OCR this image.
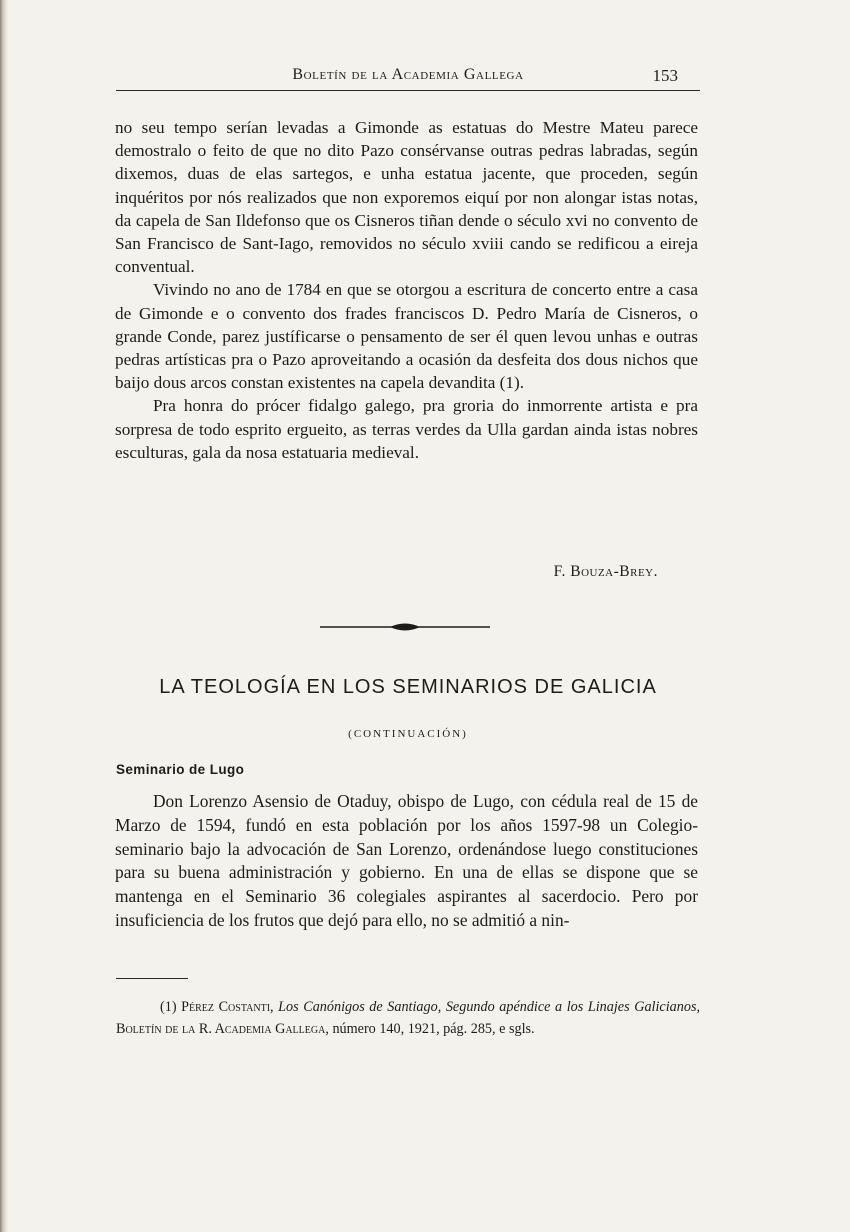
Boletín de la Academia Gallega	153

no seu tempo serían levadas a Gimonde as estatuas do Mestre Mateu parece demostralo o feito de que no dito Pazo consérvanse outras pedras labradas, según dixemos, duas de elas sartegos, e unha estatua jacente, que proceden, según inquéritos por nós realizados que non exporemos eiquí por non alongar istas notas, da capela de San Ildefonso que os Cisneros tiñan dende o século xvi no convento de San Francisco de Sant-Iago, removidos no século xviii cando se redificou a eireja conventual.

Vivindo no ano de 1784 en que se otorgou a escritura de concerto entre a casa de Gimonde e o convento dos frades franciscos D. Pedro María de Cisneros, o grande Conde, parez justíficarse o pensamento de ser él quen levou unhas e outras pedras artísticas pra o Pazo aproveitando a ocasión da desfeita dos dous nichos que baijo dous arcos constan existentes na capela devandita (1).

Pra honra do prócer fidalgo galego, pra groria do inmorrente artista e pra sorpresa de todo esprito ergueito, as terras verdes da Ulla gardan ainda istas nobres esculturas, gala da nosa estatuaria medieval.

F. Bouza-Brey.
LA TEOLOGÍA EN LOS SEMINARIOS DE GALICIA
(CONTINUACIÓN)
Seminario de Lugo

Don Lorenzo Asensio de Otaduy, obispo de Lugo, con cédula real de 15 de Marzo de 1594, fundó en esta población por los años 1597-98 un Colegio-seminario bajo la advocación de San Lorenzo, ordenándose luego constituciones para su buena administración y gobierno. En una de ellas se dispone que se mantenga en el Seminario 36 colegiales aspirantes al sacerdocio. Pero por insuficiencia de los frutos que dejó para ello, no se admitió a nin-

(1) Pérez Costanti, Los Canónigos de Santiago, Segundo apéndice a los Linajes Galicianos, Boletín de la R. Academia Gallega, número 140, 1921, pág. 285, e sgls.
